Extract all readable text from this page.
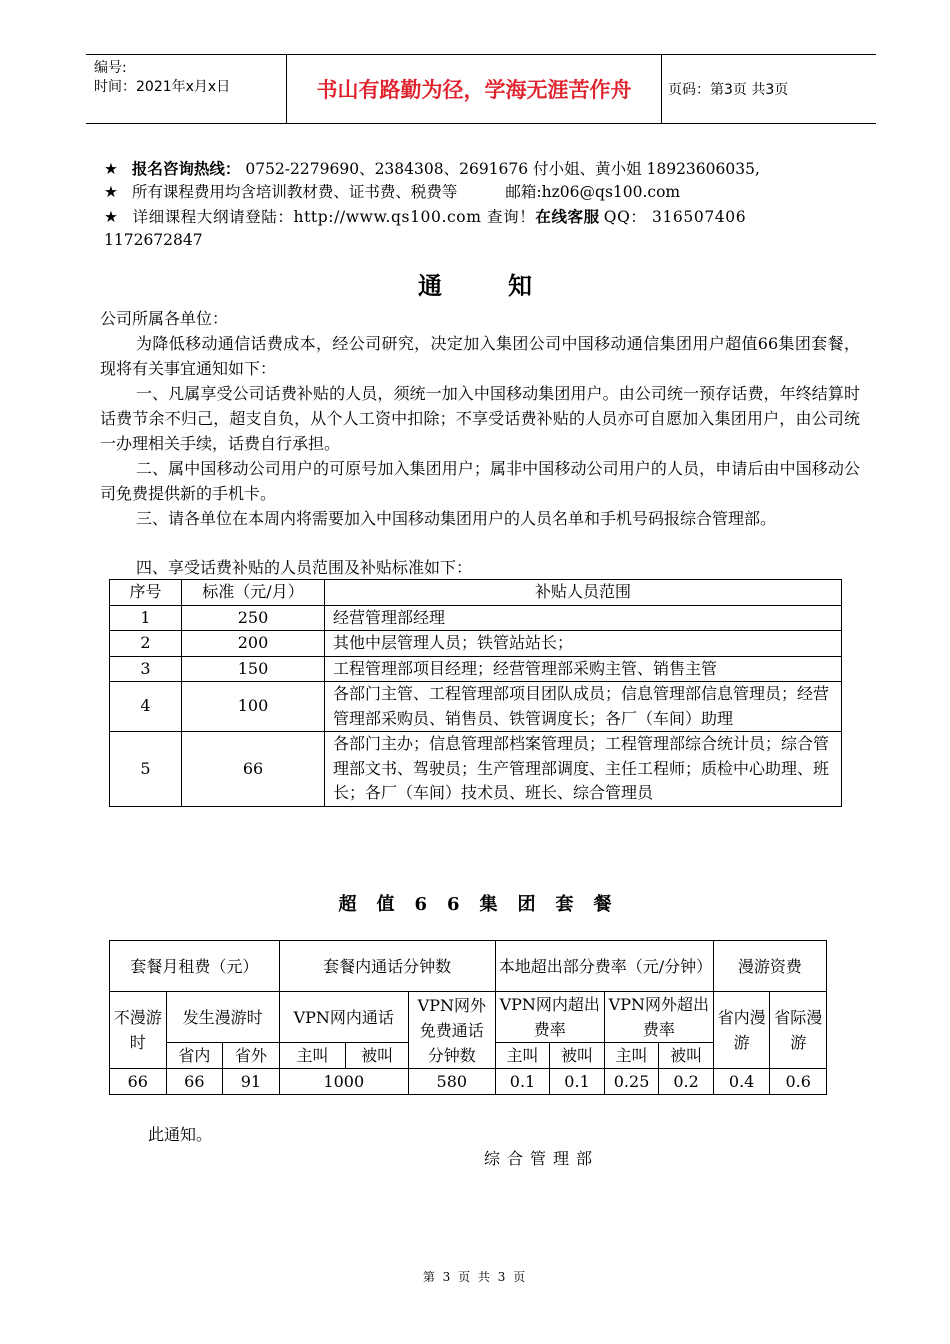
编号:
时间：2021年x月x日	书山有路勤为径，学海无涯苦作舟	页码：第3页 共3页
★ 报名咨询热线： 0752-2279690、2384308、2691676 付小姐、黄小姐 18923606035,
★ 所有课程费用均含培训教材费、证书费、税费等	邮箱:hz06@qs100.com
★ 详细课程大纲请登陆：http://www.qs100.com 查询！在线客服 QQ： 316507406
1172672847
通知
公司所属各单位：
为降低移动通信话费成本，经公司研究，决定加入集团公司中国移动通信集团用户超值66集团套餐，现将有关事宜通知如下：
一、凡属享受公司话费补贴的人员，须统一加入中国移动集团用户。由公司统一预存话费，年终结算时话费节余不归己，超支自负，从个人工资中扣除；不享受话费补贴的人员亦可自愿加入集团用户，由公司统一办理相关手续，话费自行承担。
二、属中国移动公司用户的可原号加入集团用户；属非中国移动公司用户的人员，申请后由中国移动公司免费提供新的手机卡。
三、请各单位在本周内将需要加入中国移动集团用户的人员名单和手机号码报综合管理部。
四、享受话费补贴的人员范围及补贴标准如下：
序号	标准（元/月）	补贴人员范围
1	250	经营管理部经理
2	200	其他中层管理人员；铁管站站长；
3	150	工程管理部项目经理；经营管理部采购主管、销售主管
4	100	各部门主管、工程管理部项目团队成员；信息管理部信息管理员；经营管理部采购员、销售员、铁管调度长；各厂（车间）助理
5	66	各部门主办；信息管理部档案管理员；工程管理部综合统计员；综合管理部文书、驾驶员；生产管理部调度、主任工程师；质检中心助理、班长；各厂（车间）技术员、班长、综合管理员
超值66集团套餐
套餐月租费（元）			套餐内通话分钟数			本地超出部分费率（元/分钟）				漫游资费	
不漫游时	发生漫游时		VPN网内通话		VPN网外免费通话分钟数	VPN网内超出费率		VPN网外超出费率		省内漫游	省际漫游
	省内	省外	主叫	被叫		主叫	被叫	主叫	被叫		
66	66	91	1000		580	0.1	0.1	0.25	0.2	0.4	0.6
此通知。
综合管理部
第 3 页 共 3 页
